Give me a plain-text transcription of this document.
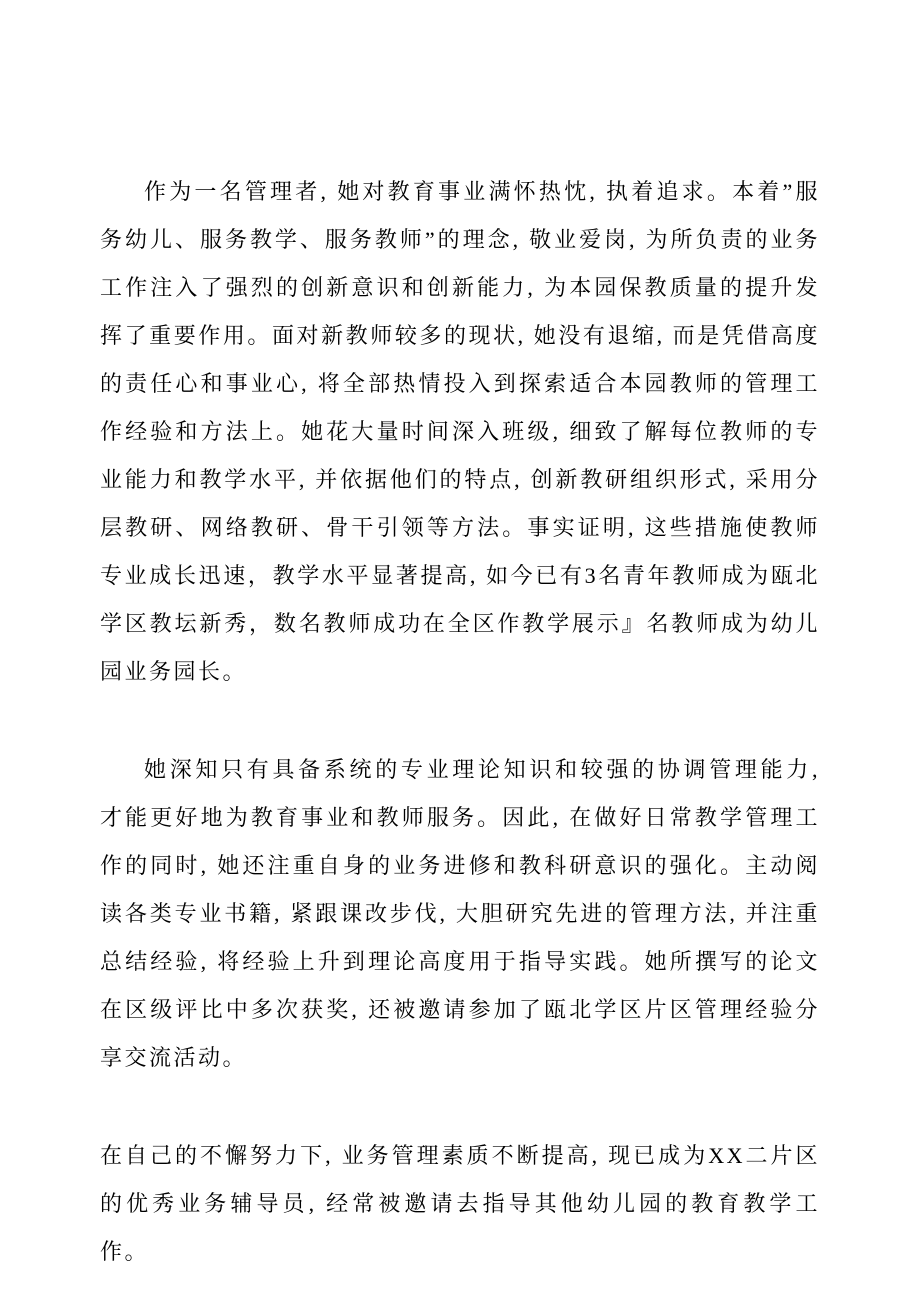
作为一名管理者, 她对教育事业满怀热忱, 执着追求。本着”服务幼儿、服务教学、服务教师”的理念, 敬业爱岗, 为所负责的业务工作注入了强烈的创新意识和创新能力, 为本园保教质量的提升发挥了重要作用。面对新教师较多的现状, 她没有退缩, 而是凭借高度的责任心和事业心, 将全部热情投入到探索适合本园教师的管理工作经验和方法上。她花大量时间深入班级, 细致了解每位教师的专业能力和教学水平, 并依据他们的特点, 创新教研组织形式, 采用分层教研、网络教研、骨干引领等方法。事实证明, 这些措施使教师专业成长迅速，教学水平显著提高, 如今已有3名青年教师成为瓯北学区教坛新秀，数名教师成功在全区作教学展示』名教师成为幼儿园业务园长。

她深知只有具备系统的专业理论知识和较强的协调管理能力, 才能更好地为教育事业和教师服务。因此, 在做好日常教学管理工作的同时, 她还注重自身的业务进修和教科研意识的强化。主动阅读各类专业书籍, 紧跟课改步伐, 大胆研究先进的管理方法, 并注重总结经验, 将经验上升到理论高度用于指导实践。她所撰写的论文在区级评比中多次获奖, 还被邀请参加了瓯北学区片区管理经验分享交流活动。

在自己的不懈努力下, 业务管理素质不断提高, 现已成为XX二片区的优秀业务辅导员, 经常被邀请去指导其他幼儿园的教育教学工作。
